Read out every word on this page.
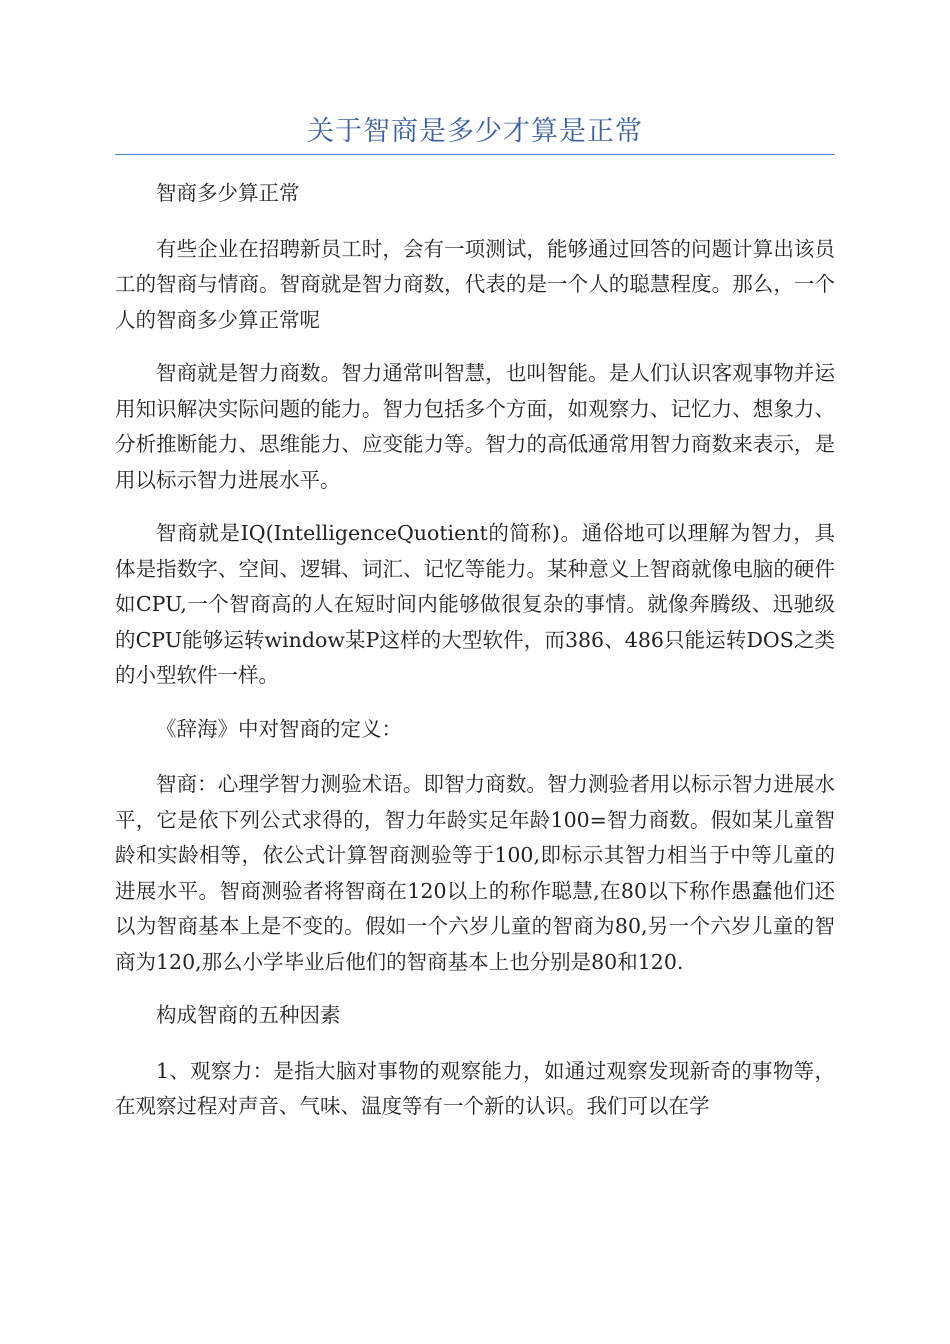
关于智商是多少才算是正常

智商多少算正常

有些企业在招聘新员工时，会有一项测试，能够通过回答的问题计算出该员工的智商与情商。智商就是智力商数，代表的是一个人的聪慧程度。那么，一个人的智商多少算正常呢

智商就是智力商数。智力通常叫智慧，也叫智能。是人们认识客观事物并运用知识解决实际问题的能力。智力包括多个方面，如观察力、记忆力、想象力、分析推断能力、思维能力、应变能力等。智力的高低通常用智力商数来表示，是用以标示智力进展水平。

智商就是IQ(IntelligenceQuotient的简称)。通俗地可以理解为智力，具体是指数字、空间、逻辑、词汇、记忆等能力。某种意义上智商就像电脑的硬件如CPU,一个智商高的人在短时间内能够做很复杂的事情。就像奔腾级、迅驰级的CPU能够运转window某P这样的大型软件，而386、486只能运转DOS之类的小型软件一样。

《辞海》中对智商的定义：

智商：心理学智力测验术语。即智力商数。智力测验者用以标示智力进展水平，它是依下列公式求得的，智力年龄实足年龄100=智力商数。假如某儿童智龄和实龄相等，依公式计算智商测验等于100,即标示其智力相当于中等儿童的进展水平。智商测验者将智商在120以上的称作聪慧,在80以下称作愚蠢他们还以为智商基本上是不变的。假如一个六岁儿童的智商为80,另一个六岁儿童的智商为120,那么小学毕业后他们的智商基本上也分别是80和120.

构成智商的五种因素

1、观察力：是指大脑对事物的观察能力，如通过观察发现新奇的事物等，在观察过程对声音、气味、温度等有一个新的认识。我们可以在学
